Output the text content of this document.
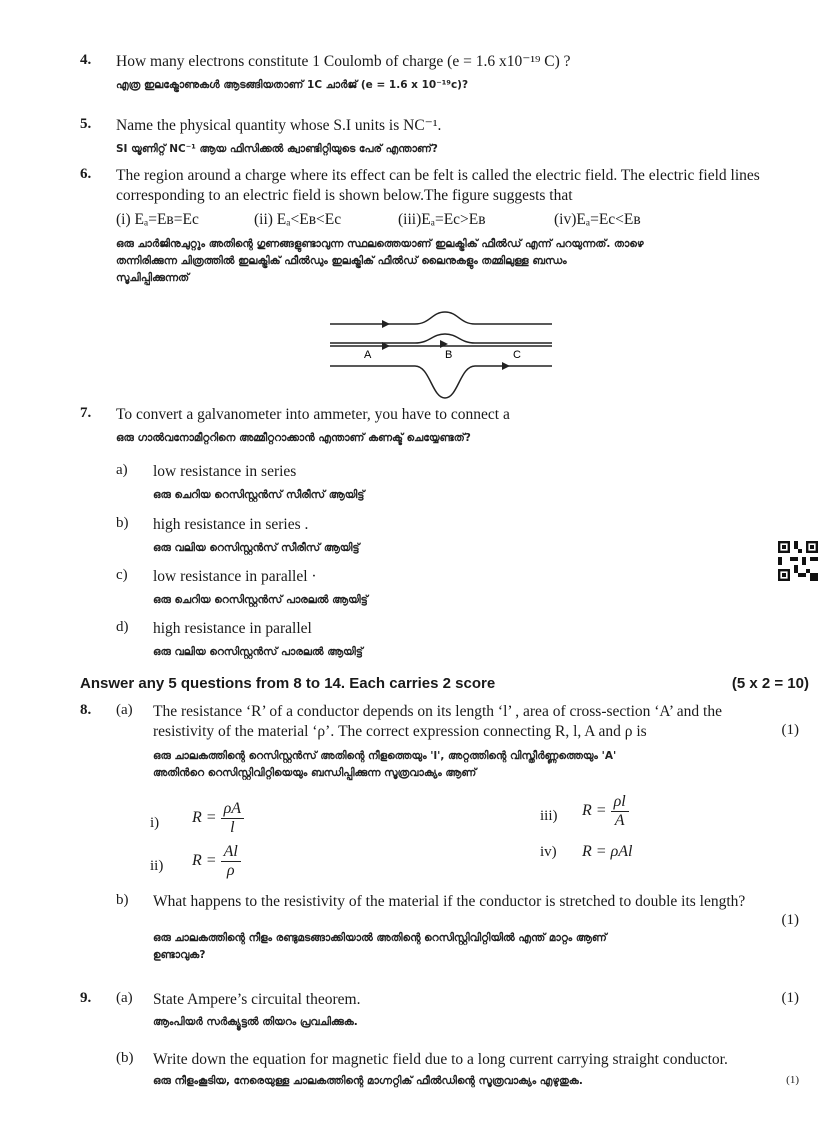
4. How many electrons constitute 1 Coulomb of charge (e = 1.6 x10⁻¹⁹ C) ?
എത്ര ഇലക്ട്രോണുകൾ ആടങ്ങിയതാണ് 1C ചാർജ് (e = 1.6 x 10⁻¹⁹c)?
5. Name the physical quantity whose S.I units is NC⁻¹.
SI യൂണിറ്റ് NC⁻¹ ആയ ഫിസിക്കൽ ക്വാണ്ടിറ്റിയുടെ പേര് എന്താണ്?
6. The region around a charge where its effect can be felt is called the electric field. The electric field lines
corresponding to an electric field is shown below.The figure suggests that
(i) Eₐ=Eʙ=Ec	(ii) Eₐ<Eʙ<Ec	(iii)Eₐ=Ec>Eʙ	(iv)Eₐ=Ec<Eʙ
ഒരു ചാർജിനുചുറ്റും അതിന്റെ ഗുണങ്ങളുണ്ടാവുന്ന സ്ഥലത്തെയാണ് ഇലക്ട്രിക് ഫീൽഡ് എന്ന് പറയുന്നത്. താഴെ
തന്നിരിക്കുന്ന ചിത്രത്തിൽ ഇലക്ട്രിക് ഫീൽഡും ഇലക്ട്രിക് ഫീൽഡ് ലൈനുകളും തമ്മിലുള്ള ബന്ധം
സൂചിപ്പിക്കുന്നത്
A	B	C
7. To convert a galvanometer into ammeter, you have to connect a
ഒരു ഗാൽവനോമീറ്ററിനെ അമ്മീറ്ററാക്കാൻ എന്താണ് കണക്ട് ചെയ്യേണ്ടത്?
a)	low resistance in series
ഒരു ചെറിയ റെസിസ്റ്റൻസ് സീരീസ് ആയിട്ട്
b)	high resistance in series .
ഒരു വലിയ റെസിസ്റ്റൻസ് സീരീസ് ആയിട്ട്
c)	low resistance in parallel ·
ഒരു ചെറിയ റെസിസ്റ്റൻസ് പാരലൽ ആയിട്ട്
d)	high resistance in parallel
ഒരു വലിയ റെസിസ്റ്റൻസ് പാരലൽ ആയിട്ട്
Answer any 5 questions from 8 to 14. Each carries 2 score	(5 x 2 = 10)
8. (a) The resistance ‘R’ of a conductor depends on its length ‘l’ , area of cross-section ‘A’ and the
resistivity of the material ‘ρ’. The correct expression connecting R, l, A and ρ is
ഒരു ചാലകത്തിന്റെ റെസിസ്റ്റൻസ് അതിന്റെ നീളത്തെയും 'l', അറ്റത്തിന്റെ വിസ്തീർണ്ണത്തെയും 'A'
അതിൻറെ റെസിസ്റ്റിവിറ്റിയെയും ബന്ധിപ്പിക്കുന്ന സൂത്രവാക്യം ആണ്
(1)
i) $R = \frac{\rho A}{l}$
ii) $R = \frac{Al}{\rho}$
iii) $R = \frac{\rho l}{A}$
iv) R = ρAl
b) What happens to the resistivity of the material if the conductor is stretched to double its length?
ഒരു ചാലകത്തിന്റെ നീളം രണ്ടുമടങ്ങാക്കിയാൽ അതിന്റെ റെസിസ്റ്റിവിറ്റിയിൽ എന്ത് മാറ്റം ആണ്
ഉണ്ടാവുക?
(1)
9. (a) State Ampere’s circuital theorem.
ആംപിയർ സർക്യൂട്ടൽ തിയറം പ്രവചിക്കുക.
(1)
(b) Write down the equation for magnetic field due to a long current carrying straight conductor.
ഒരു നീളംകൂടിയ, നേരെയുള്ള ചാലകത്തിന്റെ മാഗ്നറ്റിക് ഫീൽഡിന്റെ സൂത്രവാക്യം എഴുതുക.	(1)
